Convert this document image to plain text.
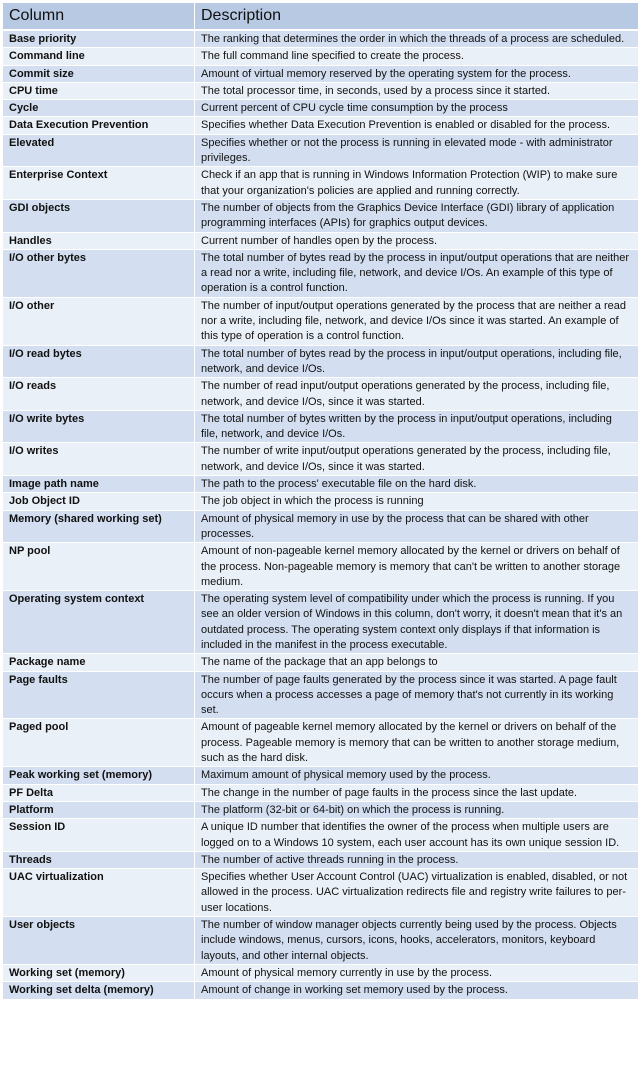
Column	Description
Base priority	The ranking that determines the order in which the threads of a process are scheduled.
Command line	The full command line specified to create the process.
Commit size	Amount of virtual memory reserved by the operating system for the process.
CPU time	The total processor time, in seconds, used by a process since it started.
Cycle	Current percent of CPU cycle time consumption by the process
Data Execution Prevention	Specifies whether Data Execution Prevention is enabled or disabled for the process.
Elevated	Specifies whether or not the process is running in elevated mode - with administrator privileges.
Enterprise Context	Check if an app that is running in Windows Information Protection (WIP) to make sure that your organization's policies are applied and running correctly.
GDI objects	The number of objects from the Graphics Device Interface (GDI) library of application programming interfaces (APIs) for graphics output devices.
Handles	Current number of handles open by the process.
I/O other bytes	The total number of bytes read by the process in input/output operations that are neither a read nor a write, including file, network, and device I/Os. An example of this type of operation is a control function.
I/O other	The number of input/output operations generated by the process that are neither a read nor a write, including file, network, and device I/Os since it was started. An example of this type of operation is a control function.
I/O read bytes	The total number of bytes read by the process in input/output operations, including file, network, and device I/Os.
I/O reads	The number of read input/output operations generated by the process, including file, network, and device I/Os, since it was started.
I/O write bytes	The total number of bytes written by the process in input/output operations, including file, network, and device I/Os.
I/O writes	The number of write input/output operations generated by the process, including file, network, and device I/Os, since it was started.
Image path name	The path to the process' executable file on the hard disk.
Job Object ID	The job object in which the process is running
Memory (shared working set)	Amount of physical memory in use by the process that can be shared with other processes.
NP pool	Amount of non-pageable kernel memory allocated by the kernel or drivers on behalf of the process. Non-pageable memory is memory that can't be written to another storage medium.
Operating system context	The operating system level of compatibility under which the process is running. If you see an older version of Windows in this column, don't worry, it doesn't mean that it's an outdated process. The operating system context only displays if that information is included in the manifest in the process executable.
Package name	The name of the package that an app belongs to
Page faults	The number of page faults generated by the process since it was started. A page fault occurs when a process accesses a page of memory that's not currently in its working set.
Paged pool	Amount of pageable kernel memory allocated by the kernel or drivers on behalf of the process. Pageable memory is memory that can be written to another storage medium, such as the hard disk.
Peak working set (memory)	Maximum amount of physical memory used by the process.
PF Delta	The change in the number of page faults in the process since the last update.
Platform	The platform (32-bit or 64-bit) on which the process is running.
Session ID	A unique ID number that identifies the owner of the process when multiple users are logged on to a Windows 10 system, each user account has its own unique session ID.
Threads	The number of active threads running in the process.
UAC virtualization	Specifies whether User Account Control (UAC) virtualization is enabled, disabled, or not allowed in the process. UAC virtualization redirects file and registry write failures to per-user locations.
User objects	The number of window manager objects currently being used by the process. Objects include windows, menus, cursors, icons, hooks, accelerators, monitors, keyboard layouts, and other internal objects.
Working set (memory)	Amount of physical memory currently in use by the process.
Working set delta (memory)	Amount of change in working set memory used by the process.
